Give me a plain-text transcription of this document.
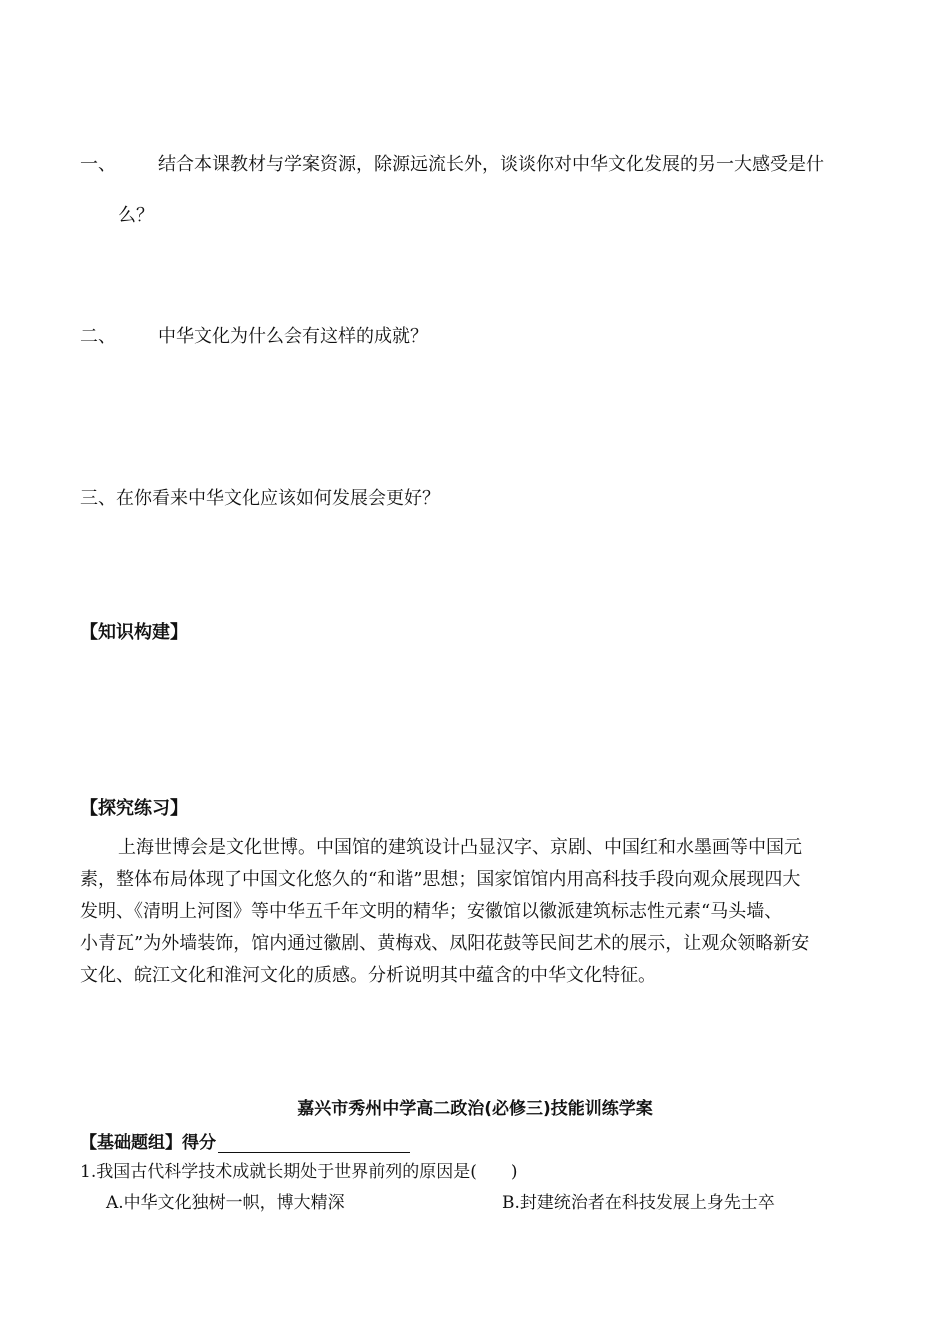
一、 结合本课教材与学案资源，除源远流长外，谈谈你对中华文化发展的另一大感受是什
么？
二、 中华文化为什么会有这样的成就？
三、在你看来中华文化应该如何发展会更好？
【知识构建】
【探究练习】

上海世博会是文化世博。中国馆的建筑设计凸显汉字、京剧、中国红和水墨画等中国元

素，整体布局体现了中国文化悠久的“和谐”思想；国家馆馆内用高科技手段向观众展现四大

发明、《清明上河图》等中华五千年文明的精华；安徽馆以徽派建筑标志性元素“马头墙、

小青瓦”为外墙装饰，馆内通过徽剧、黄梅戏、凤阳花鼓等民间艺术的展示，让观众领略新安

文化、皖江文化和淮河文化的质感。分析说明其中蕴含的中华文化特征。

嘉兴市秀州中学高二政治(必修三)技能训练学案
【基础题组】得分
1.我国古代科学技术成就长期处于世界前列的原因是(　　)
A.中华文化独树一帜，博大精深	B.封建统治者在科技发展上身先士卒
